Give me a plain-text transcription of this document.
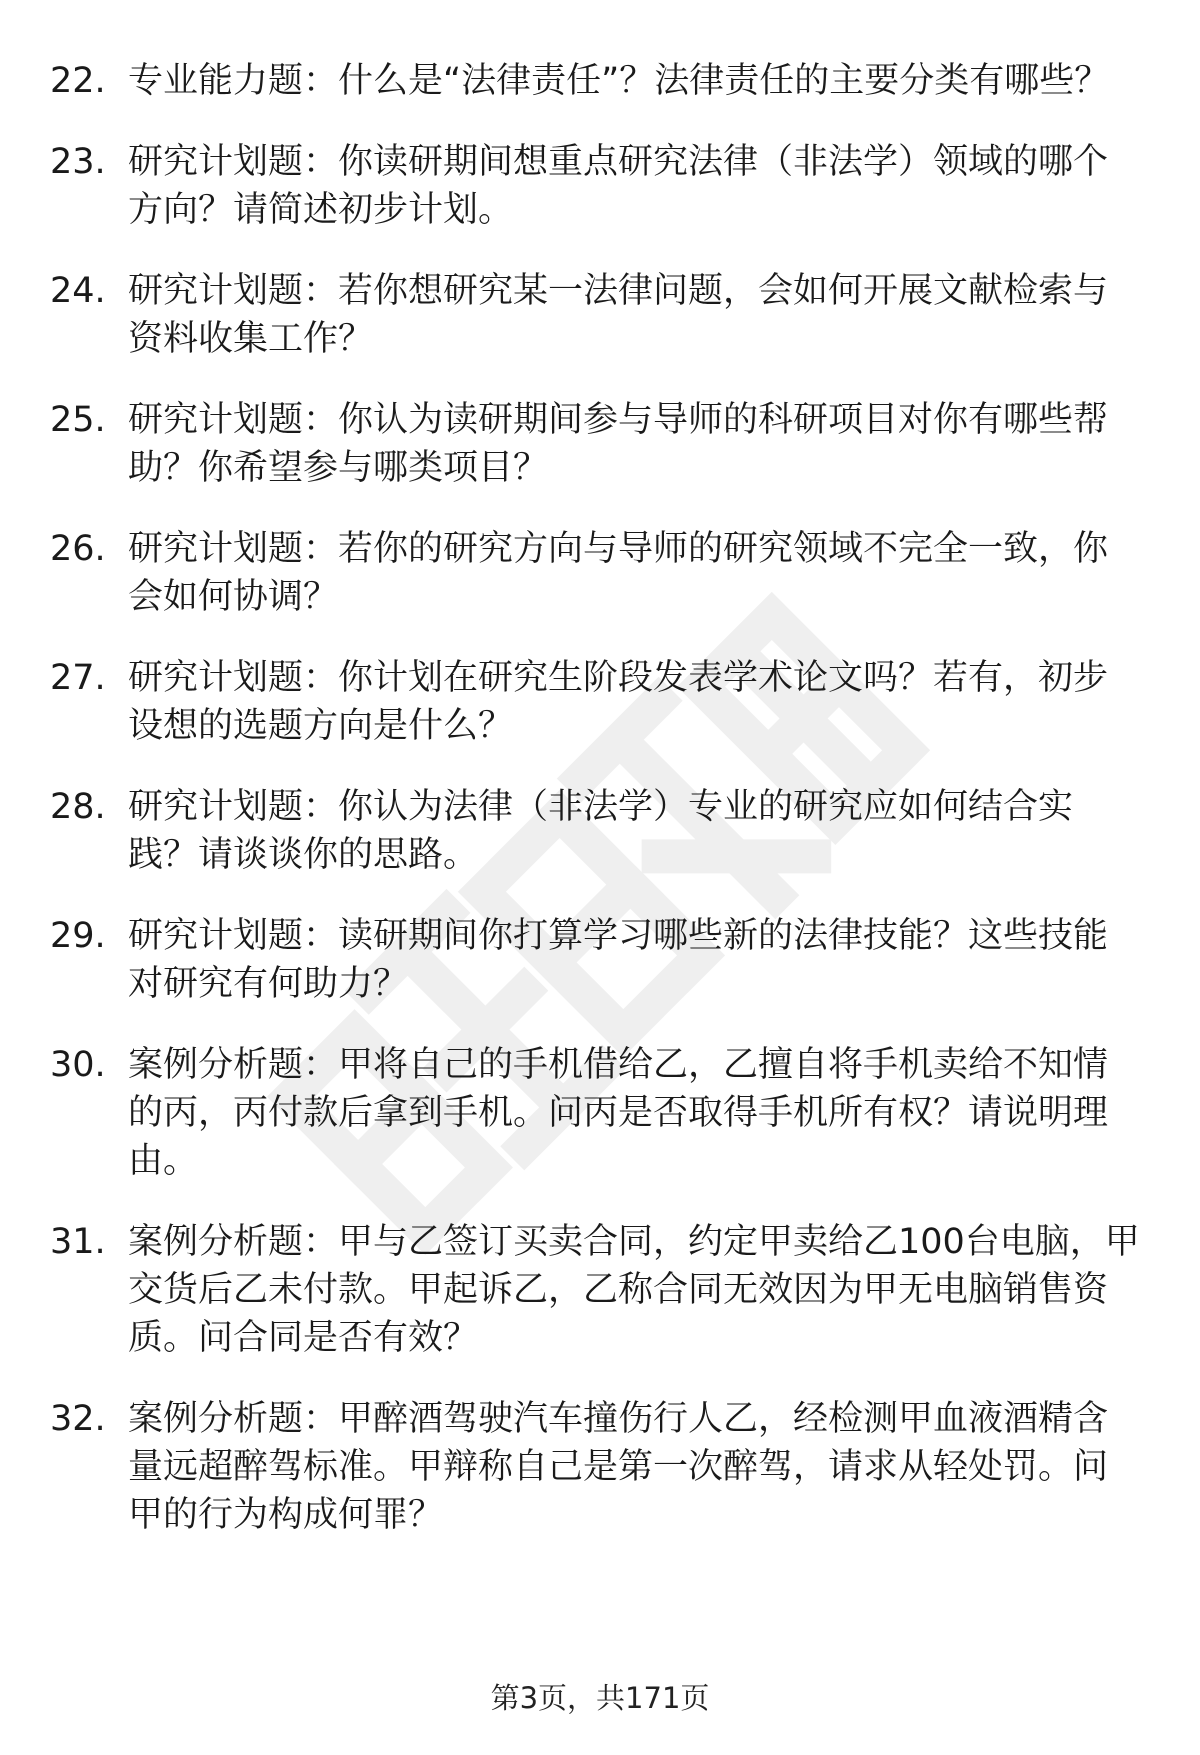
22. 专业能力题：什么是“法律责任”？法律责任的主要分类有哪些？
23. 研究计划题：你读研期间想重点研究法律（非法学）领域的哪个方向？请简述初步计划。
24. 研究计划题：若你想研究某一法律问题，会如何开展文献检索与资料收集工作？
25. 研究计划题：你认为读研期间参与导师的科研项目对你有哪些帮助？你希望参与哪类项目？
26. 研究计划题：若你的研究方向与导师的研究领域不完全一致，你会如何协调？
27. 研究计划题：你计划在研究生阶段发表学术论文吗？若有，初步设想的选题方向是什么？
28. 研究计划题：你认为法律（非法学）专业的研究应如何结合实践？请谈谈你的思路。
29. 研究计划题：读研期间你打算学习哪些新的法律技能？这些技能对研究有何助力？
30. 案例分析题：甲将自己的手机借给乙，乙擅自将手机卖给不知情的丙，丙付款后拿到手机。问丙是否取得手机所有权？请说明理由。
31. 案例分析题：甲与乙签订买卖合同，约定甲卖给乙100台电脑，甲交货后乙未付款。甲起诉乙，乙称合同无效因为甲无电脑销售资质。问合同是否有效？
32. 案例分析题：甲醉酒驾驶汽车撞伤行人乙，经检测甲血液酒精含量远超醉驾标准。甲辩称自己是第一次醉驾，请求从轻处罚。问甲的行为构成何罪？
第3页，共171页
